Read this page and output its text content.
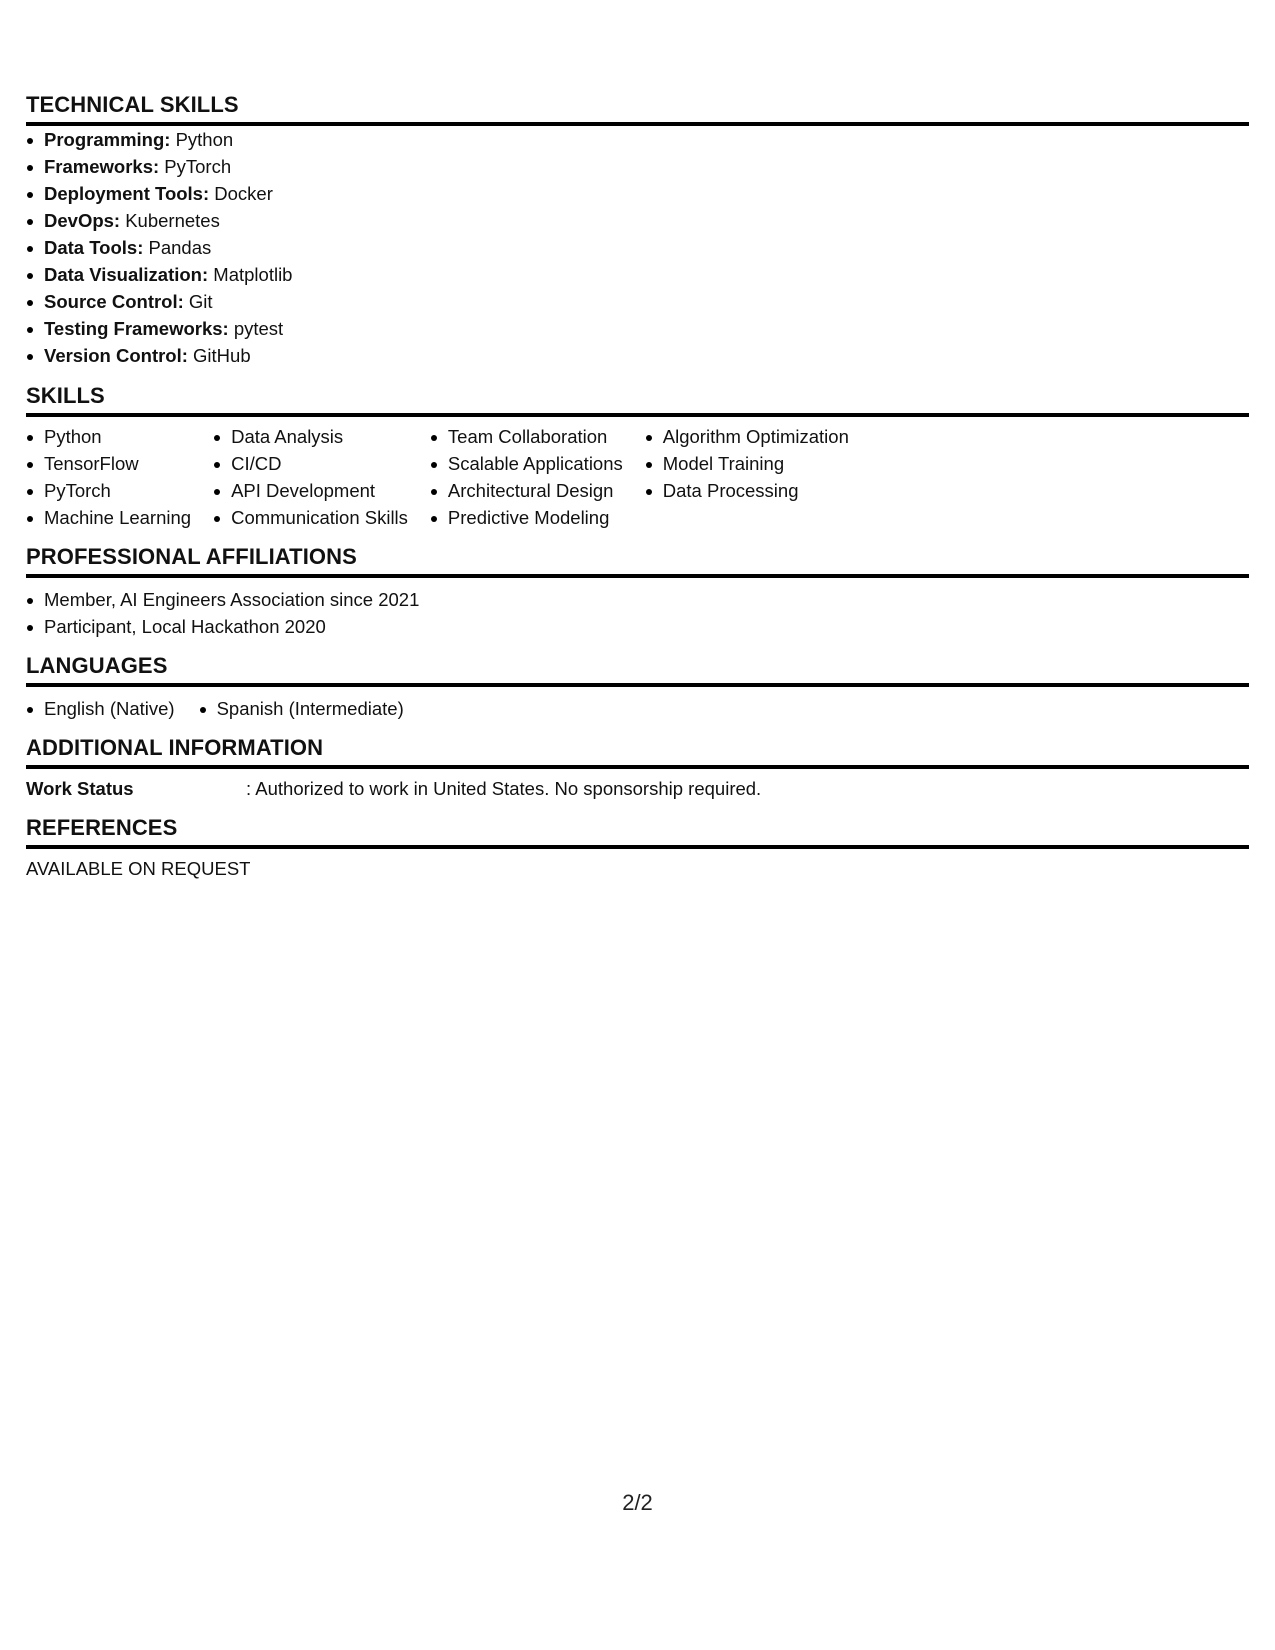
TECHNICAL SKILLS
Programming: Python
Frameworks: PyTorch
Deployment Tools: Docker
DevOps: Kubernetes
Data Tools: Pandas
Data Visualization: Matplotlib
Source Control: Git
Testing Frameworks: pytest
Version Control: GitHub
SKILLS
Python
TensorFlow
PyTorch
Machine Learning
Data Analysis
CI/CD
API Development
Communication Skills
Team Collaboration
Scalable Applications
Architectural Design
Predictive Modeling
Algorithm Optimization
Model Training
Data Processing
PROFESSIONAL AFFILIATIONS
Member, AI Engineers Association since 2021
Participant, Local Hackathon 2020
LANGUAGES
English (Native)	Spanish (Intermediate)
ADDITIONAL INFORMATION
Work Status	: Authorized to work in United States. No sponsorship required.
REFERENCES
AVAILABLE ON REQUEST
2/2
